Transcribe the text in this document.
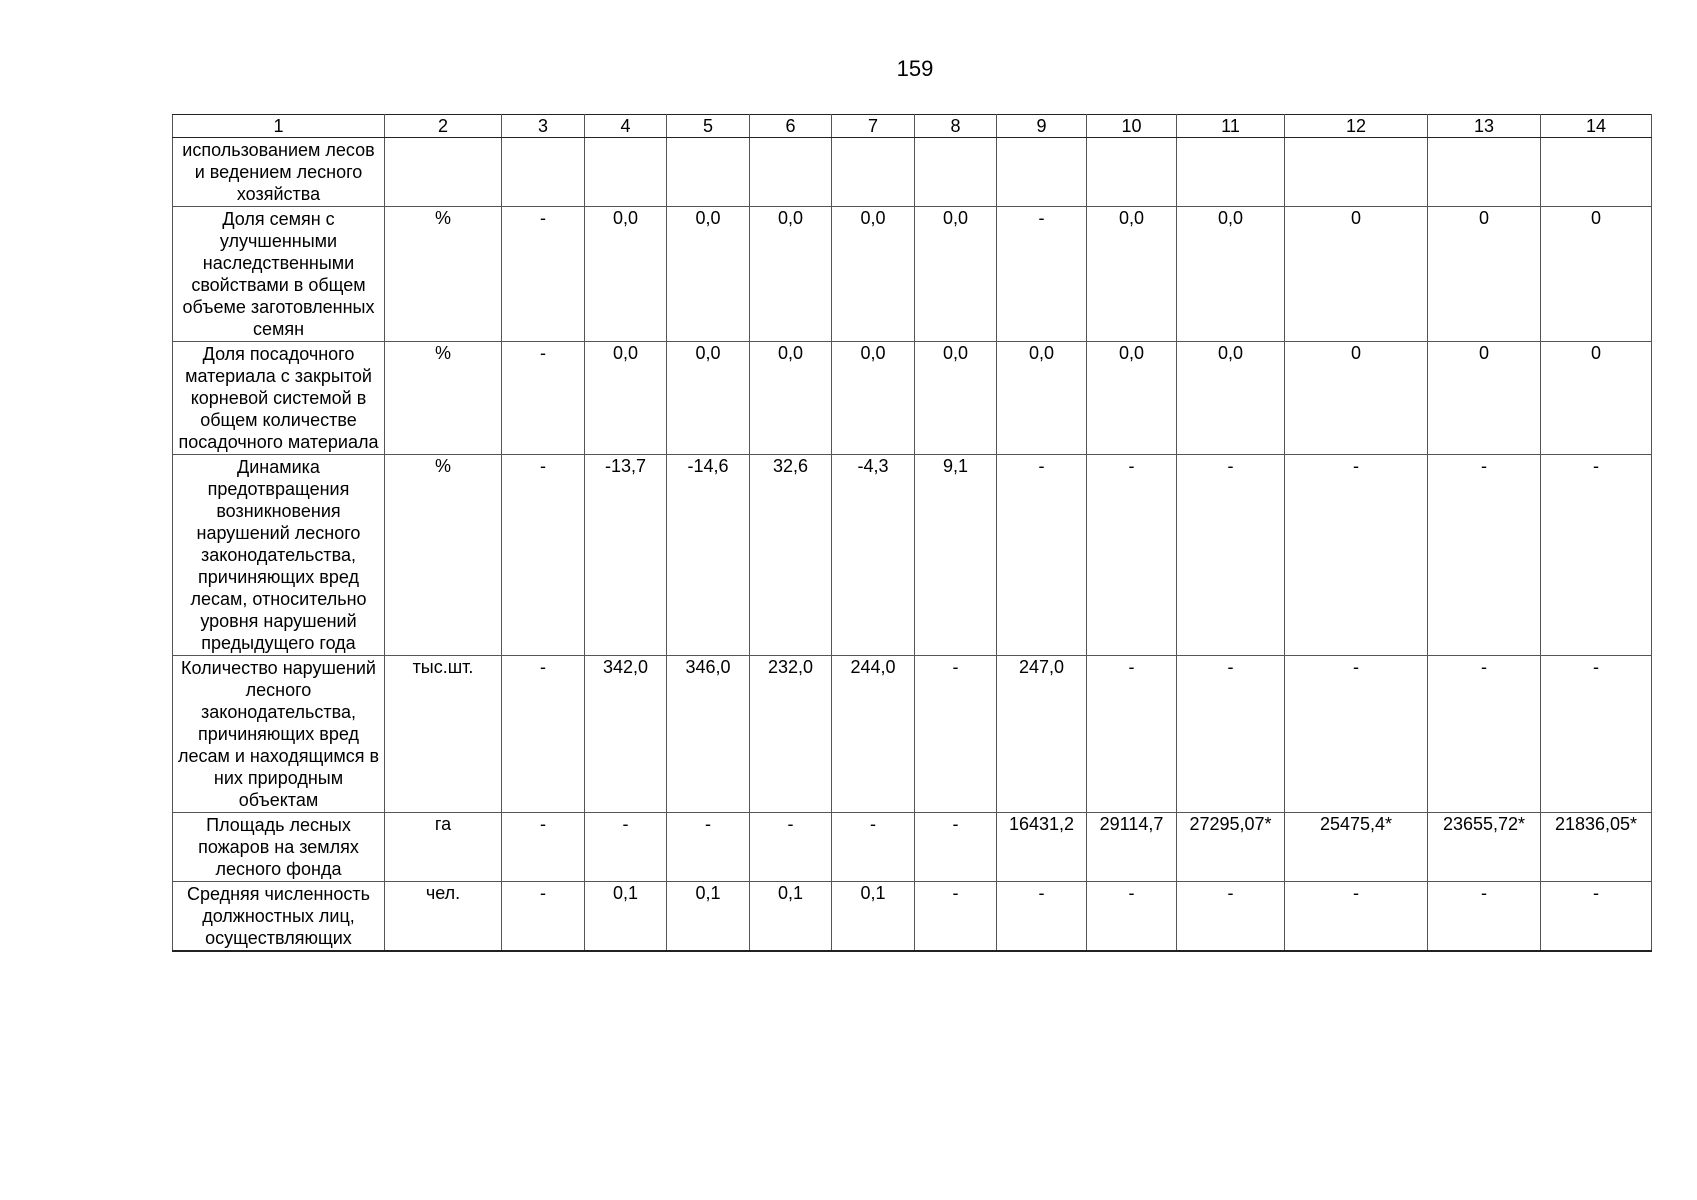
159
1	2	3	4	5	6	7	8	9	10	11	12	13	14
использованием лесов и ведением лесного хозяйства													
Доля семян с улучшенными наследственными свойствами в общем объеме заготовленных семян	%	-	0,0	0,0	0,0	0,0	0,0	-	0,0	0,0	0	0	0
Доля посадочного материала с закрытой корневой системой в общем количестве посадочного материала	%	-	0,0	0,0	0,0	0,0	0,0	0,0	0,0	0,0	0	0	0
Динамика предотвращения возникновения нарушений лесного законодательства, причиняющих вред лесам, относительно уровня нарушений предыдущего года	%	-	-13,7	-14,6	32,6	-4,3	9,1	-	-	-	-	-	-
Количество нарушений лесного законодательства, причиняющих вред лесам и находящимся в них природным объектам	тыс.шт.	-	342,0	346,0	232,0	244,0	-	247,0	-	-	-	-	-
Площадь лесных пожаров на землях лесного фонда	га	-	-	-	-	-	-	16431,2	29114,7	27295,07*	25475,4*	23655,72*	21836,05*
Средняя численность должностных лиц, осуществляющих	чел.	-	0,1	0,1	0,1	0,1	-	-	-	-	-	-	-
